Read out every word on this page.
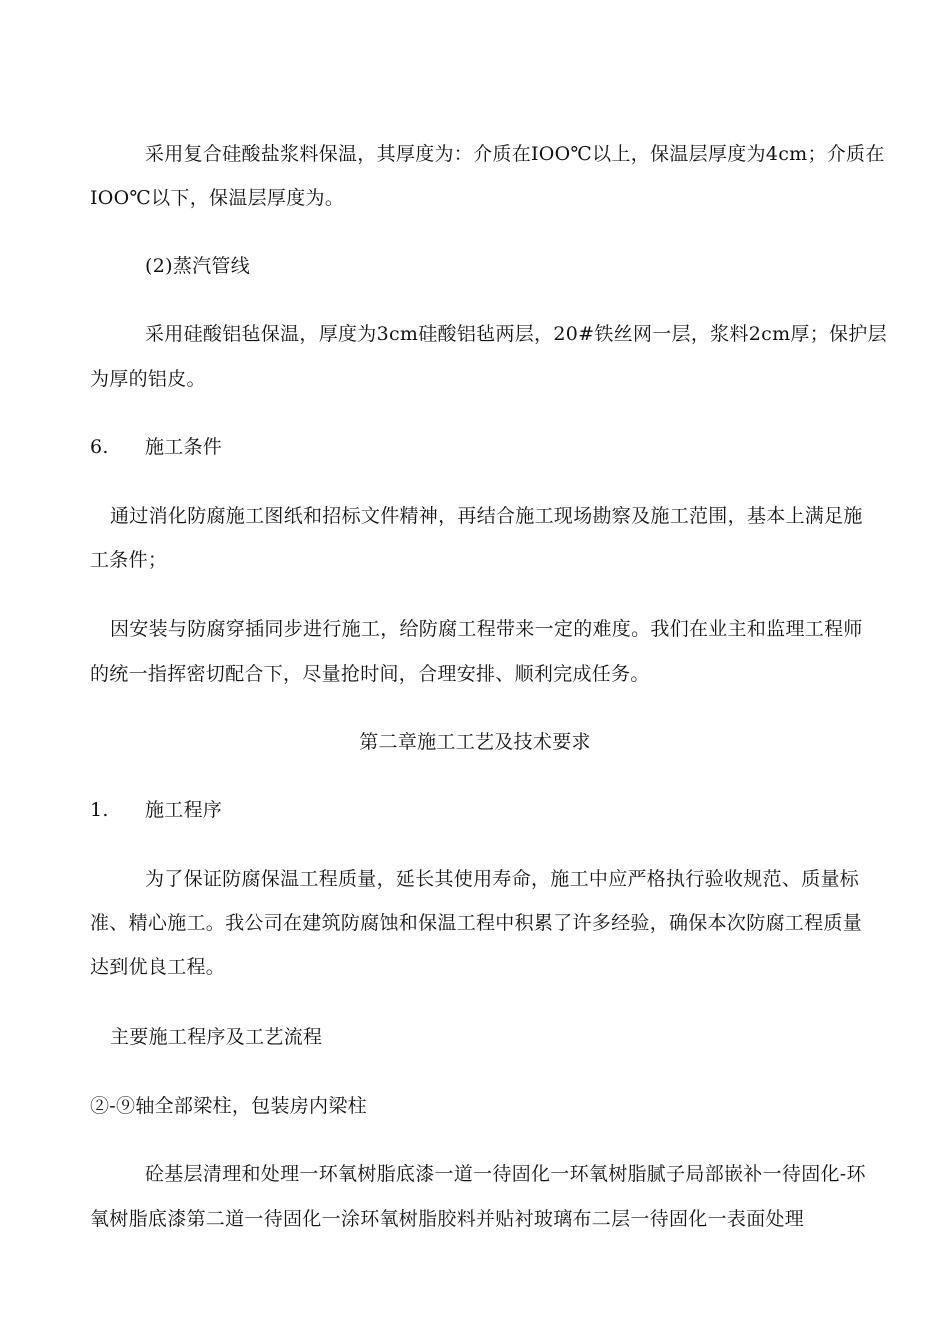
采用复合硅酸盐浆料保温，其厚度为：介质在IOO℃以上，保温层厚度为4cm；介质在
IOO℃以下，保温层厚度为。
(2)蒸汽管线
采用硅酸铝毡保温，厚度为3cm硅酸铝毡两层，20#铁丝网一层，浆料2cm厚；保护层
为厚的铝皮。
6. 施工条件
通过消化防腐施工图纸和招标文件精神，再结合施工现场勘察及施工范围，基本上满足施
工条件；
因安装与防腐穿插同步进行施工，给防腐工程带来一定的难度。我们在业主和监理工程师
的统一指挥密切配合下，尽量抢时间，合理安排、顺利完成任务。
第二章施工工艺及技术要求
1. 施工程序
为了保证防腐保温工程质量，延长其使用寿命，施工中应严格执行验收规范、质量标
准、精心施工。我公司在建筑防腐蚀和保温工程中积累了许多经验，确保本次防腐工程质量
达到优良工程。
主要施工程序及工艺流程
②-⑨轴全部梁柱，包装房内梁柱
砼基层清理和处理一环氧树脂底漆一道一待固化一环氧树脂腻子局部嵌补一待固化-环
氧树脂底漆第二道一待固化一涂环氧树脂胶料并贴衬玻璃布二层一待固化一表面处理
